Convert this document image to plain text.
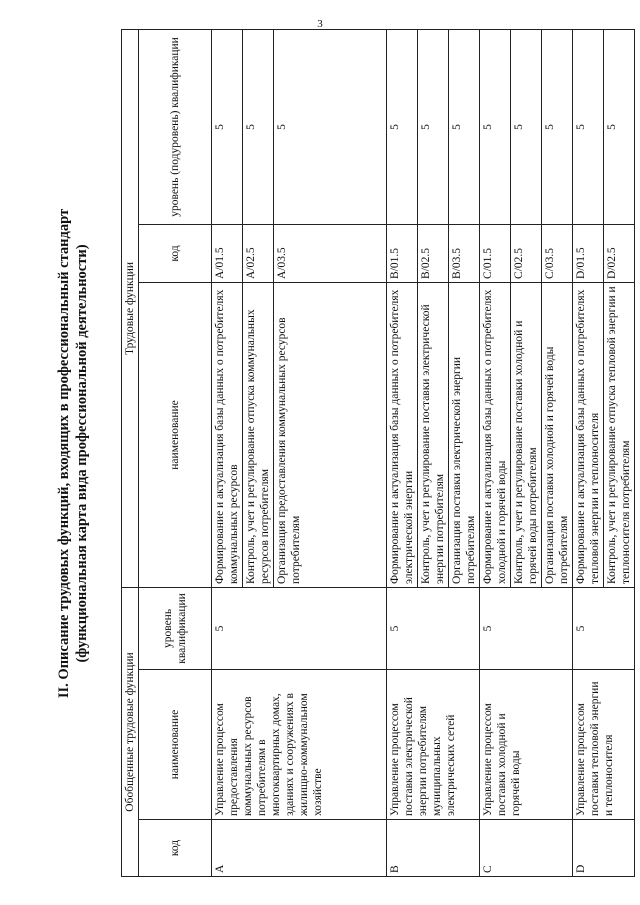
3
II. Описание трудовых функций, входящих в профессиональный стандарт (функциональная карта вида профессиональной деятельности)
Обобщенные трудовые функции			Трудовые функции		
код	наименование	уровень квалификации	наименование	код	уровень (подуровень) квалификации
A	Управление процессом предоставления коммунальных ресурсов потребителям в многоквартирных домах, зданиях и сооружениях в жилищно-коммунальном хозяйстве	5	Формирование и актуализация базы данных о потребителях коммунальных ресурсов	A/01.5	5
			Контроль, учет и регулирование отпуска коммунальных ресурсов потребителям	A/02.5	5
			Организация предоставления коммунальных ресурсов потребителям	A/03.5	5
B	Управление процессом поставки электрической энергии потребителям муниципальных электрических сетей	5	Формирование и актуализация базы данных о потребителях электрической энергии	B/01.5	5
			Контроль, учет и регулирование поставки электрической энергии потребителям	B/02.5	5
			Организация поставки электрической энергии потребителям	B/03.5	5
C	Управление процессом поставки холодной и горячей воды	5	Формирование и актуализация базы данных о потребителях холодной и горячей воды	C/01.5	5
			Контроль, учет и регулирование поставки холодной и горячей воды потребителям	C/02.5	5
			Организация поставки холодной и горячей воды потребителям	C/03.5	5
D	Управление процессом поставки тепловой энергии и теплоносителя	5	Формирование и актуализация базы данных о потребителях тепловой энергии и теплоносителя	D/01.5	5
			Контроль, учет и регулирование отпуска тепловой энергии и теплоносителя потребителям	D/02.5	5
